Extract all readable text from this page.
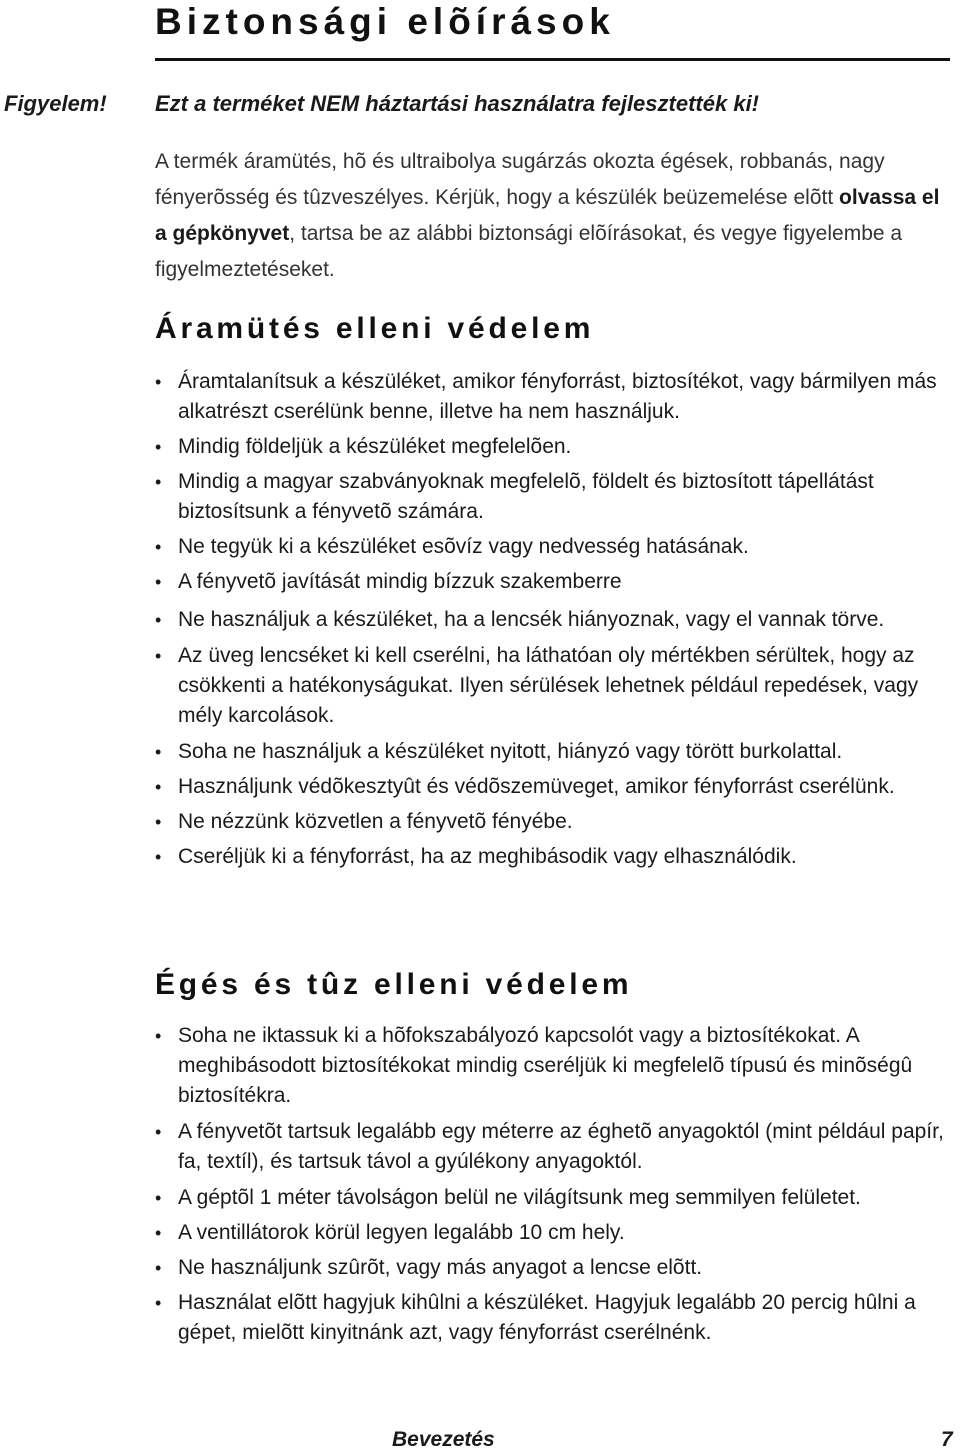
Biztonsági elõírások
Figyelem! Ezt a terméket NEM háztartási használatra fejlesztették ki!

A termék áramütés, hõ és ultraibolya sugárzás okozta égések, robbanás, nagy fényerõsség és tûzveszélyes. Kérjük, hogy a készülék beüzemelése elõtt olvassa el a gépkönyvet, tartsa be az alábbi biztonsági elõírásokat, és vegye figyelembe a figyelmeztetéseket.

Áramütés elleni védelem
• Áramtalanítsuk a készüléket, amikor fényforrást, biztosítékot, vagy bármilyen más alkatrészt cserélünk benne, illetve ha nem használjuk.
• Mindig földeljük a készüléket megfelelõen.
• Mindig a magyar szabványoknak megfelelõ, földelt és biztosított tápellátást biztosítsunk a fényvetõ számára.
• Ne tegyük ki a készüléket esõvíz vagy nedvesség hatásának.
• A fényvetõ javítását mindig bízzuk szakemberre
• Ne használjuk a készüléket, ha a lencsék hiányoznak, vagy el vannak törve.
• Az üveg lencséket ki kell cserélni, ha láthatóan oly mértékben sérültek, hogy az csökkenti a hatékonyságukat. Ilyen sérülések lehetnek például repedések, vagy mély karcolások.
• Soha ne használjuk a készüléket nyitott, hiányzó vagy törött burkolattal.
• Használjunk védõkesztyût és védõszemüveget, amikor fényforrást cserélünk.
• Ne nézzünk közvetlen a fényvetõ fényébe.
• Cseréljük ki a fényforrást, ha az meghibásodik vagy elhasználódik.
Égés és tûz elleni védelem
• Soha ne iktassuk ki a hõfokszabályozó kapcsolót vagy a biztosítékokat. A meghibásodott biztosítékokat mindig cseréljük ki megfelelõ típusú és minõségû biztosítékra.
• A fényvetõt tartsuk legalább egy méterre az éghetõ anyagoktól (mint például papír, fa, textíl), és tartsuk távol a gyúlékony anyagoktól.
• A géptõl 1 méter távolságon belül ne világítsunk meg semmilyen felületet.
• A ventillátorok körül legyen legalább 10 cm hely.
• Ne használjunk szûrõt, vagy más anyagot a lencse elõtt.
• Használat elõtt hagyjuk kihûlni a készüléket. Hagyjuk legalább 20 percig hûlni a gépet, mielõtt kinyitnánk azt, vagy fényforrást cserélnénk.
Bevezetés	7
